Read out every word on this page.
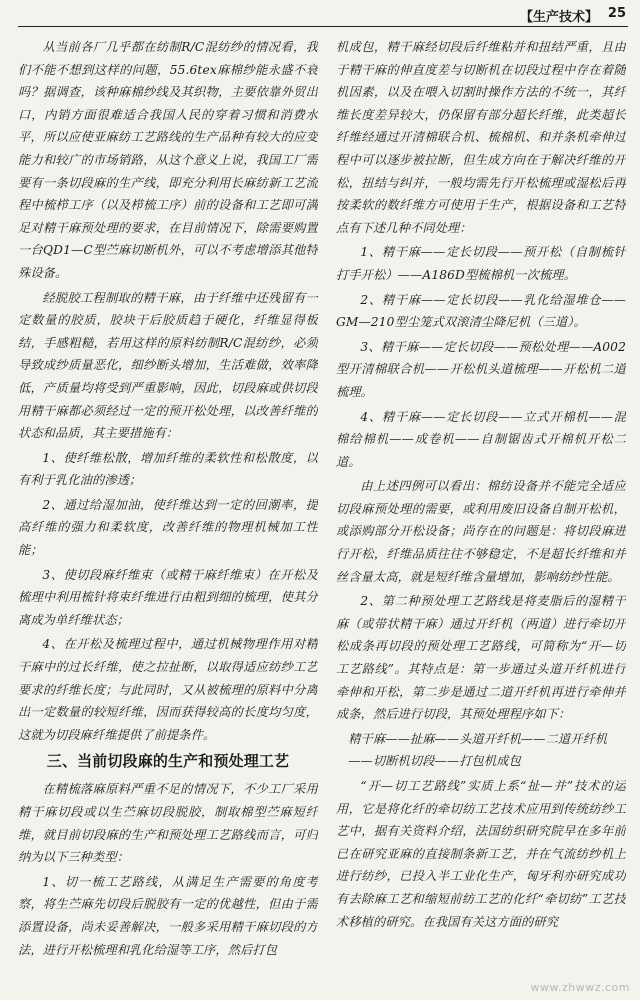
【生产技术】 25

从当前各厂几乎都在纺制R/C混纺纱的情况看，我们不能不想到这样的问题，55.6tex麻棉纱能永盛不衰吗？据调查，该种麻棉纱线及其织物，主要依靠外贸出口，内销方面很难适合我国人民的穿着习惯和消费水平，所以应使亚麻纺工艺路线的生产品种有较大的应变能力和较广的市场销路，从这个意义上说，我国工厂需要有一条切段麻的生产线，即充分利用长麻纺新工艺流程中梳栉工序（以及栉梳工序）前的设备和工艺即可满足对精干麻预处理的要求，在目前情况下，除需要购置一台QD1—C型苎麻切断机外，可以不考虑增添其他特殊设备。

经脱胶工程制取的精干麻，由于纤维中还残留有一定数量的胶质，胶块干后胶质趋于硬化，纤维显得板结，手感粗糙，若用这样的原料纺制R/C混纺纱，必须导致成纱质量恶化，细纱断头增加，生活难做，效率降低，产质量均将受到严重影响，因此，切段麻或供切段用精干麻都必须经过一定的预开松处理，以改善纤维的状态和品质，其主要措施有：

1、使纤维松散，增加纤维的柔软性和松散度，以有利于乳化油的渗透；

2、通过给湿加油，使纤维达到一定的回潮率，提高纤维的强力和柔软度，改善纤维的物理机械加工性能；

3、使切段麻纤维束（或精干麻纤维束）在开松及梳理中利用梳针将束纤维进行由粗到细的梳理，使其分离成为单纤维状态；

4、在开松及梳理过程中，通过机械物理作用对精干麻中的过长纤维，使之拉扯断，以取得适应纺纱工艺要求的纤维长度；与此同时，又从被梳理的原料中分离出一定数量的较短纤维，因而获得较高的长度均匀度，这就为切段麻纤维提供了前提条件。

三、当前切段麻的生产和预处理工艺

在精梳落麻原料严重不足的情况下，不少工厂采用精干麻切段或以生苎麻切段脱胶，制取棉型苎麻短纤维，就目前切段麻的生产和预处理工艺路线而言，可归纳为以下三种类型：

1、切一梳工艺路线，从满足生产需要的角度考察，将生苎麻先切段后脱胶有一定的优越性，但由于需添置设备，尚未妥善解决，一般多采用精干麻切段的方法，进行开松梳理和乳化给湿等工序，然后打包

机成包，精干麻经切段后纤维粘并和扭结严重，且由于精干麻的伸直度差与切断机在切段过程中存在着随机因素，以及在喂入切割时操作方法的不统一，其纤维长度差异较大，仍保留有部分超长纤维，此类超长纤维经通过开清棉联合机、梳棉机、和并条机牵伸过程中可以逐步被拉断，但生成方向在于解决纤维的开松，扭结与纠并，一般均需先行开松梳理或湿松后再按柔软的数纤维方可使用于生产，根据设备和工艺特点有下述几种不同处理：

1、精干麻——定长切段——预开松（自制梳针打手开松）——A186D型梳棉机一次梳理。

2、精干麻——定长切段——乳化给湿堆仓——GM—210型尘笼式双滚清尘降尼机（三道）。

3、精干麻——定长切段——预松处理——A002型开清棉联合机——开松机头道梳理——开松机二道梳理。

4、精干麻——定长切段——立式开棉机——混棉给棉机——成卷机——自制锯齿式开棉机开松二道。

由上述四例可以看出：棉纺设备并不能完全适应切段麻预处理的需要，或利用废旧设备自制开松机，或添购部分开松设备；尚存在的问题是：将切段麻进行开松，纤维品质往往不够稳定，不是超长纤维和并丝含量太高，就是短纤维含量增加，影响纺纱性能。

2、第二种预处理工艺路线是将麦脂后的湿精干麻（或带状精干麻）通过开纤机（两道）进行牵切开松成条再切段的预处理工艺路线，可简称为“开—切工艺路线”。其特点是：第一步通过头道开纤机进行牵伸和开松，第二步是通过二道开纤机再进行牵伸并成条，然后进行切段，其预处理程序如下：

精干麻——扯麻——头道开纤机——二道开纤机——切断机切段——打包机成包

“开—切工艺路线”实质上系“扯—并”技术的运用，它是将化纤的牵切纺工艺技术应用到传统纺纱工艺中，据有关资料介绍，法国纺织研究院早在多年前已在研究亚麻的直接制条新工艺，并在气流纺纱机上进行纺纱，已投入半工业化生产，匈牙利亦研究成功有去除麻工艺和缩短前纺工艺的化纤“牵切纺”工艺技术移植的研究。在我国有关这方面的研究

www.zhwwz.com
